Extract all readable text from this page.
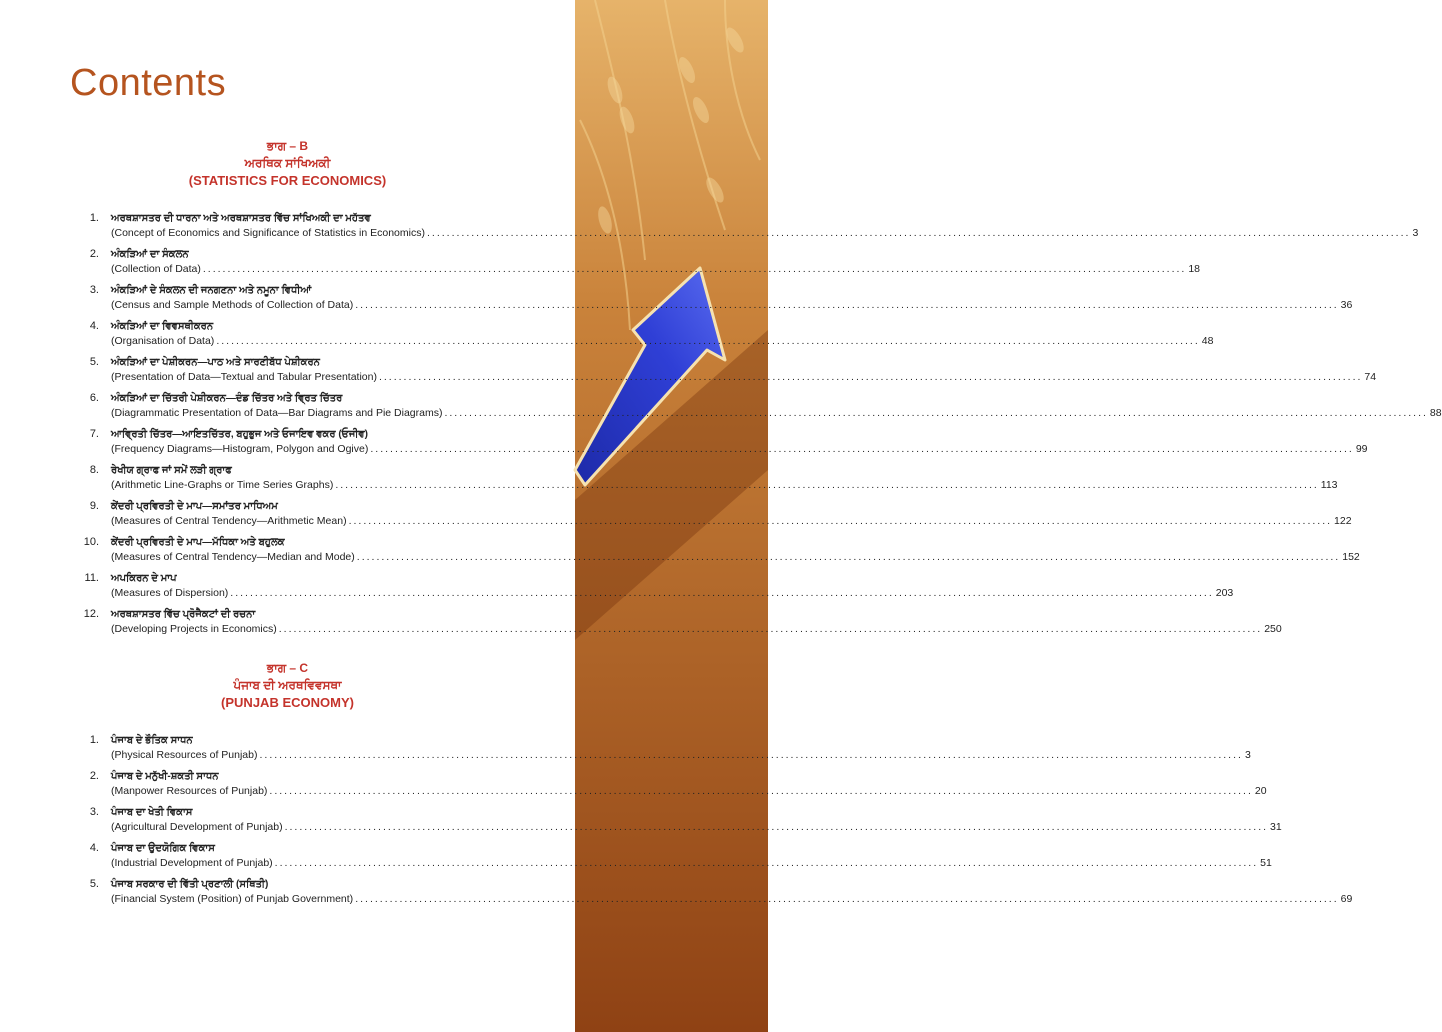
Contents
ਭਾਗ – B
ਅਰਥਿਕ ਸਾਂਖਿਅਕੀ
(STATISTICS FOR ECONOMICS)
1. ਅਰਥਸ਼ਾਸਤਰ ਦੀ ਧਾਰਨਾ ਅਤੇ ਅਰਥਸ਼ਾਸਤਰ ਵਿੱਚ ਸਾਂਖਿਅਕੀ ਦਾ ਮਹੱਤਵ
(Concept of Economics and Significance of Statistics in Economics) ........................................................................................................................................................................................................ 3
2. ਅੰਕੜਿਆਂ ਦਾ ਸੰਕਲਨ
(Collection of Data) ........................................................................................................................................................................................................ 18
3. ਅੰਕੜਿਆਂ ਦੇ ਸੰਕਲਨ ਦੀ ਜਨਗਣਨਾ ਅਤੇ ਨਮੂਨਾ ਵਿਧੀਆਂ
(Census and Sample Methods of Collection of Data) ........................................................................................................................................................................................................ 36
4. ਅੰਕੜਿਆਂ ਦਾ ਵਿਵਸਥੀਕਰਨ
(Organisation of Data) ........................................................................................................................................................................................................ 48
5. ਅੰਕੜਿਆਂ ਦਾ ਪੇਸ਼ੀਕਰਨ—ਪਾਠ ਅਤੇ ਸਾਰਣੀਬੱਧ ਪੇਸ਼ੀਕਰਨ
(Presentation of Data—Textual and Tabular Presentation) ........................................................................................................................................................................................................ 74
6. ਅੰਕੜਿਆਂ ਦਾ ਚਿੱਤਰੀ ਪੇਸ਼ੀਕਰਨ—ਦੰਡ ਚਿੱਤਰ ਅਤੇ ਵ੍ਰਿਤ ਚਿੱਤਰ
(Diagrammatic Presentation of Data—Bar Diagrams and Pie Diagrams) ........................................................................................................................................................................................................ 88
7. ਆਵ੍ਰਿਤੀ ਚਿੱਤਰ—ਆਇਤਚਿੱਤਰ, ਬਹੁਭੁਜ ਅਤੇ ਓਜਾਇਵ ਵਕਰ (ਓਜੀਵ)
(Frequency Diagrams—Histogram, Polygon and Ogive) ........................................................................................................................................................................................................ 99
8. ਰੇਖੀਯ ਗ੍ਰਾਫ ਜਾਂ ਸਮੇਂ ਲੜੀ ਗ੍ਰਾਫ
(Arithmetic Line-Graphs or Time Series Graphs) ........................................................................................................................................................................................................ 113
9. ਕੇਂਦਰੀ ਪ੍ਰਵਿਰਤੀ ਦੇ ਮਾਪ—ਸਮਾਂਤਰ ਮਾਧਿਅਮ
(Measures of Central Tendency—Arithmetic Mean) ........................................................................................................................................................................................................ 122
10. ਕੇਂਦਰੀ ਪ੍ਰਵਿਰਤੀ ਦੇ ਮਾਪ—ਮੱਧਿਕਾ ਅਤੇ ਬਹੁਲਕ
(Measures of Central Tendency—Median and Mode) ........................................................................................................................................................................................................ 152
11. ਅਪਕਿਰਨ ਦੇ ਮਾਪ
(Measures of Dispersion) ........................................................................................................................................................................................................ 203
12. ਅਰਥਸ਼ਾਸਤਰ ਵਿੱਚ ਪ੍ਰੋਜੈਕਟਾਂ ਦੀ ਰਚਨਾ
(Developing Projects in Economics) ........................................................................................................................................................................................................ 250
ਭਾਗ – C
ਪੰਜਾਬ ਦੀ ਅਰਥਵਿਵਸਥਾ
(PUNJAB ECONOMY)
1. ਪੰਜਾਬ ਦੇ ਭੌਤਿਕ ਸਾਧਨ
(Physical Resources of Punjab) ........................................................................................................................................................................................................ 3
2. ਪੰਜਾਬ ਦੇ ਮਨੁੱਖੀ-ਸ਼ਕਤੀ ਸਾਧਨ
(Manpower Resources of Punjab) ........................................................................................................................................................................................................ 20
3. ਪੰਜਾਬ ਦਾ ਖੇਤੀ ਵਿਕਾਸ
(Agricultural Development of Punjab) ........................................................................................................................................................................................................ 31
4. ਪੰਜਾਬ ਦਾ ਉਦਯੋਗਿਕ ਵਿਕਾਸ
(Industrial Development of Punjab) ........................................................................................................................................................................................................ 51
5. ਪੰਜਾਬ ਸਰਕਾਰ ਦੀ ਵਿੱਤੀ ਪ੍ਰਣਾਲੀ (ਸਥਿਤੀ)
(Financial System (Position) of Punjab Government) ........................................................................................................................................................................................................ 69
